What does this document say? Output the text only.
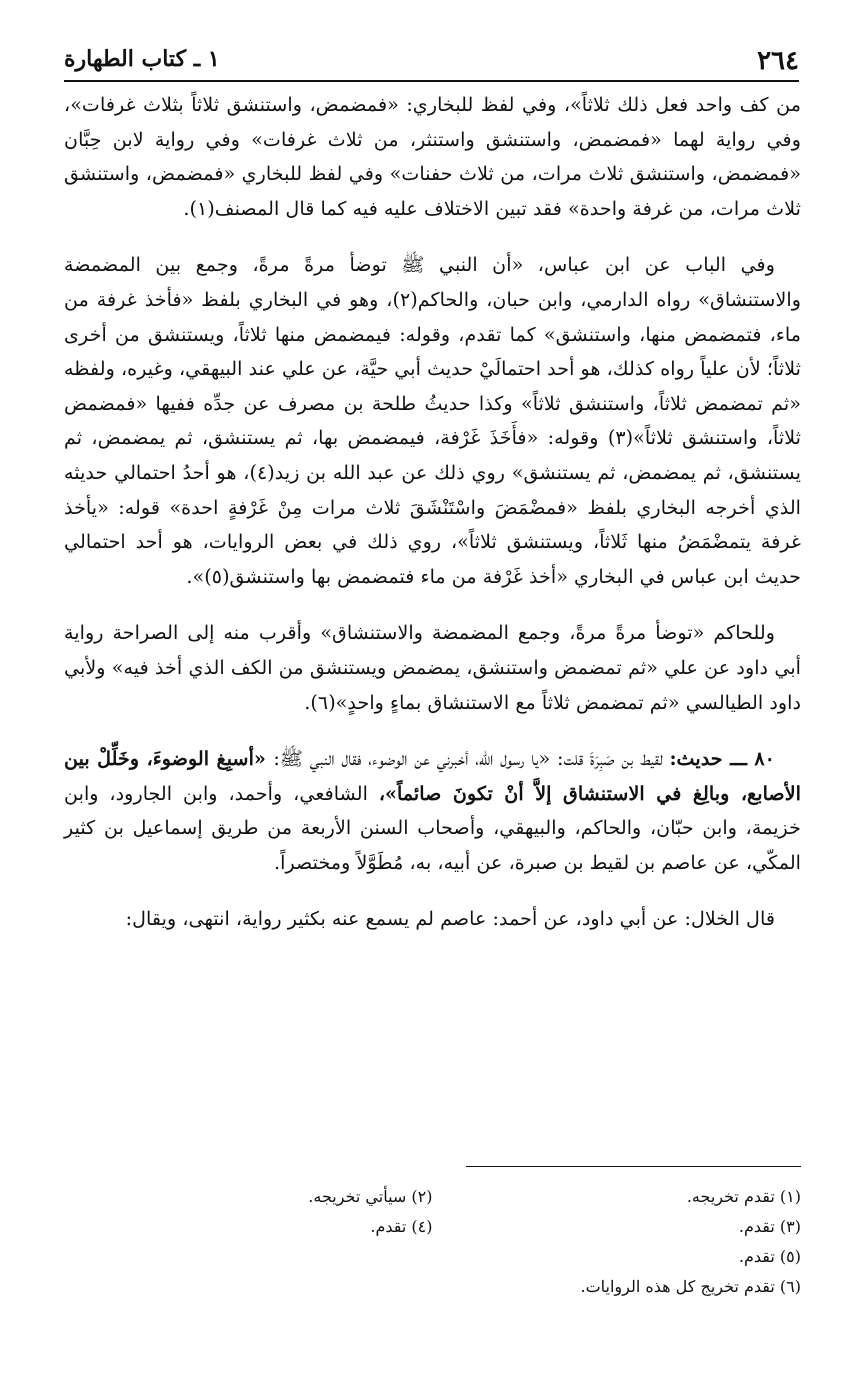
٢٦٤
١ ـ كتاب الطهارة

من كف واحد فعل ذلك ثلاثاً»، وفي لفظ للبخاري: «فمضمض، واستنشق ثلاثاً بثلاث غرفات»، وفي رواية لهما «فمضمض، واستنشق واستنثر، من ثلاث غرفات» وفي رواية لابن حِبَّان «فمضمض، واستنشق ثلاث مرات، من ثلاث حفنات» وفي لفظ للبخاري «فمضمض، واستنشق ثلاث مرات، من غرفة واحدة» فقد تبين الاختلاف عليه فيه كما قال المصنف(١).

وفي الباب عن ابن عباس، «أن النبي ﷺ توضأ مرةً مرةً، وجمع بين المضمضة والاستنشاق» رواه الدارمي، وابن حبان، والحاكم(٢)، وهو في البخاري بلفظ «فأخذ غرفة من ماء، فتمضمض منها، واستنشق» كما تقدم، وقوله: فيمضمض منها ثلاثاً، ويستنشق من أخرى ثلاثاً؛ لأن علياً رواه كذلك، هو أحد احتمالَيْ حديث أبي حيَّة، عن علي عند البيهقي، وغيره، ولفظه «ثم تمضمض ثلاثاً، واستنشق ثلاثاً» وكذا حديثُ طلحة بن مصرف عن جدِّه ففيها «فمضمض ثلاثاً، واستنشق ثلاثاً»(٣) وقوله: «فأَخَذَ غَرْفة، فيمضمض بها، ثم يستنشق، ثم يمضمض، ثم يستنشق، ثم يمضمض، ثم يستنشق» روي ذلك عن عبد الله بن زيد(٤)، هو أحدُ احتمالي حديثه الذي أخرجه البخاري بلفظ «فمضْمَضَ واسْتَنْشَقَ ثلاث مرات مِنْ غَرْفةٍ احدة» قوله: «يأخذ غرفة يتمضْمَضُ منها ثَلاثاً، ويستنشق ثلاثاً»، روي ذلك في بعض الروايات، هو أحد احتمالي حديث ابن عباس في البخاري «أخذ غَرْفة من ماء فتمضمض بها واستنشق(٥)».

وللحاكم «توضأ مرةً مرةً، وجمع المضمضة والاستنشاق» وأقرب منه إلى الصراحة رواية أبي داود عن علي «ثم تمضمض واستنشق، يمضمض ويستنشق من الكف الذي أخذ فيه» ولأبي داود الطيالسي «ثم تمضمض ثلاثاً مع الاستنشاق بماءٍ واحدٍ»(٦).

٨٠ ـــ حديث: لقيط بن صَبِرَةَ قلت: «يا رسول الله، أخبرني عن الوضوء، فقال النبي ﷺ: «أسبِغ الوضوءَ، وخَلِّلْ بين الأصابع، وبالِغ في الاستنشاق إلاَّ أنْ تكونَ صائماً»، الشافعي، وأحمد، وابن الجارود، وابن خزيمة، وابن حبّان، والحاكم، والبيهقي، وأصحاب السنن الأربعة من طريق إسماعيل بن كثير المكّي، عن عاصم بن لقيط بن صبرة، عن أبيه، به، مُطَوَّلاً ومختصراً.

قال الخلال: عن أبي داود، عن أحمد: عاصم لم يسمع عنه بكثير رواية، انتهى، ويقال:

(١) تقدم تخريجه.
(٢) سيأتي تخريجه.
(٣) تقدم.
(٤) تقدم.
(٥) تقدم.
(٦) تقدم تخريج كل هذه الروايات.
